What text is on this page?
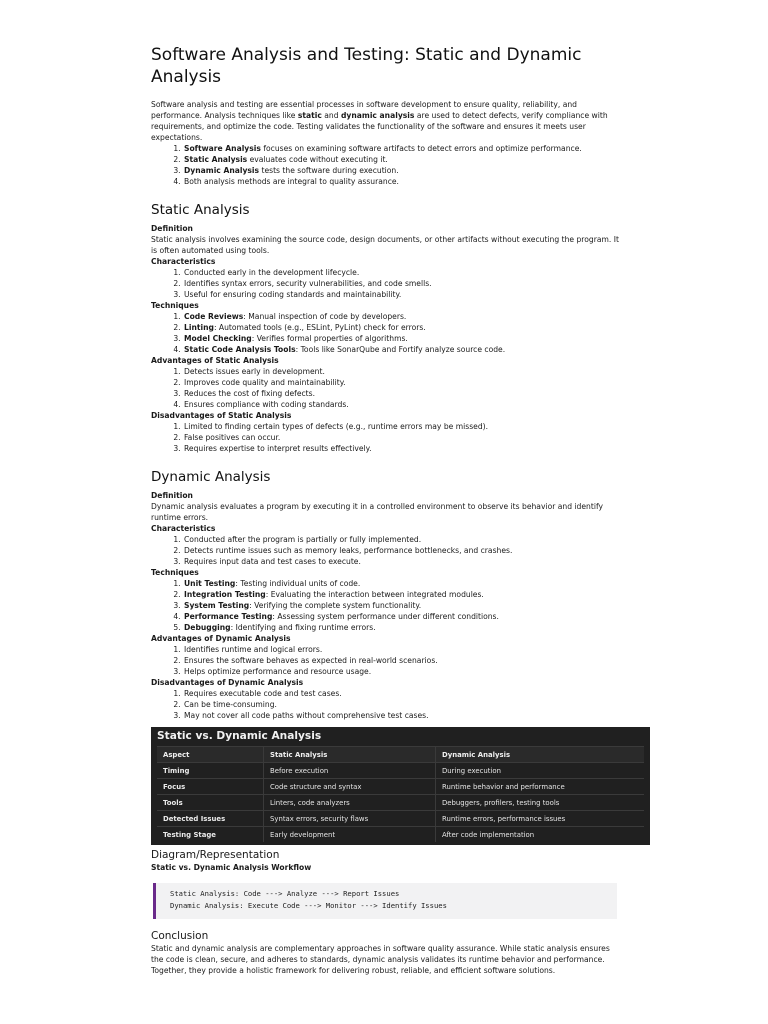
Software Analysis and Testing: Static and Dynamic Analysis

Software analysis and testing are essential processes in software development to ensure quality, reliability, and performance. Analysis techniques like static and dynamic analysis are used to detect defects, verify compliance with requirements, and optimize the code. Testing validates the functionality of the software and ensures it meets user expectations.

1. Software Analysis focuses on examining software artifacts to detect errors and optimize performance.
2. Static Analysis evaluates code without executing it.
3. Dynamic Analysis tests the software during execution.
4. Both analysis methods are integral to quality assurance.
Static Analysis

Definition

Static analysis involves examining the source code, design documents, or other artifacts without executing the program. It is often automated using tools.

Characteristics

1. Conducted early in the development lifecycle.
2. Identifies syntax errors, security vulnerabilities, and code smells.
3. Useful for ensuring coding standards and maintainability.

Techniques

1. Code Reviews: Manual inspection of code by developers.
2. Linting: Automated tools (e.g., ESLint, PyLint) check for errors.
3. Model Checking: Verifies formal properties of algorithms.
4. Static Code Analysis Tools: Tools like SonarQube and Fortify analyze source code.

Advantages of Static Analysis

1. Detects issues early in development.
2. Improves code quality and maintainability.
3. Reduces the cost of fixing defects.
4. Ensures compliance with coding standards.

Disadvantages of Static Analysis

1. Limited to finding certain types of defects (e.g., runtime errors may be missed).
2. False positives can occur.
3. Requires expertise to interpret results effectively.
Dynamic Analysis

Definition

Dynamic analysis evaluates a program by executing it in a controlled environment to observe its behavior and identify runtime errors.

Characteristics

1. Conducted after the program is partially or fully implemented.
2. Detects runtime issues such as memory leaks, performance bottlenecks, and crashes.
3. Requires input data and test cases to execute.

Techniques

1. Unit Testing: Testing individual units of code.
2. Integration Testing: Evaluating the interaction between integrated modules.
3. System Testing: Verifying the complete system functionality.
4. Performance Testing: Assessing system performance under different conditions.
5. Debugging: Identifying and fixing runtime errors.

Advantages of Dynamic Analysis

1. Identifies runtime and logical errors.
2. Ensures the software behaves as expected in real-world scenarios.
3. Helps optimize performance and resource usage.

Disadvantages of Dynamic Analysis

1. Requires executable code and test cases.
2. Can be time-consuming.
3. May not cover all code paths without comprehensive test cases.
Static vs. Dynamic Analysis
Aspect	Static Analysis	Dynamic Analysis
Timing	Before execution	During execution
Focus	Code structure and syntax	Runtime behavior and performance
Tools	Linters, code analyzers	Debuggers, profilers, testing tools
Detected Issues	Syntax errors, security flaws	Runtime errors, performance issues
Testing Stage	Early development	After code implementation
Diagram/Representation

Static vs. Dynamic Analysis Workflow

Static Analysis: Code ---> Analyze ---> Report Issues
Dynamic Analysis: Execute Code ---> Monitor ---> Identify Issues
Conclusion

Static and dynamic analysis are complementary approaches in software quality assurance. While static analysis ensures the code is clean, secure, and adheres to standards, dynamic analysis validates its runtime behavior and performance. Together, they provide a holistic framework for delivering robust, reliable, and efficient software solutions.
